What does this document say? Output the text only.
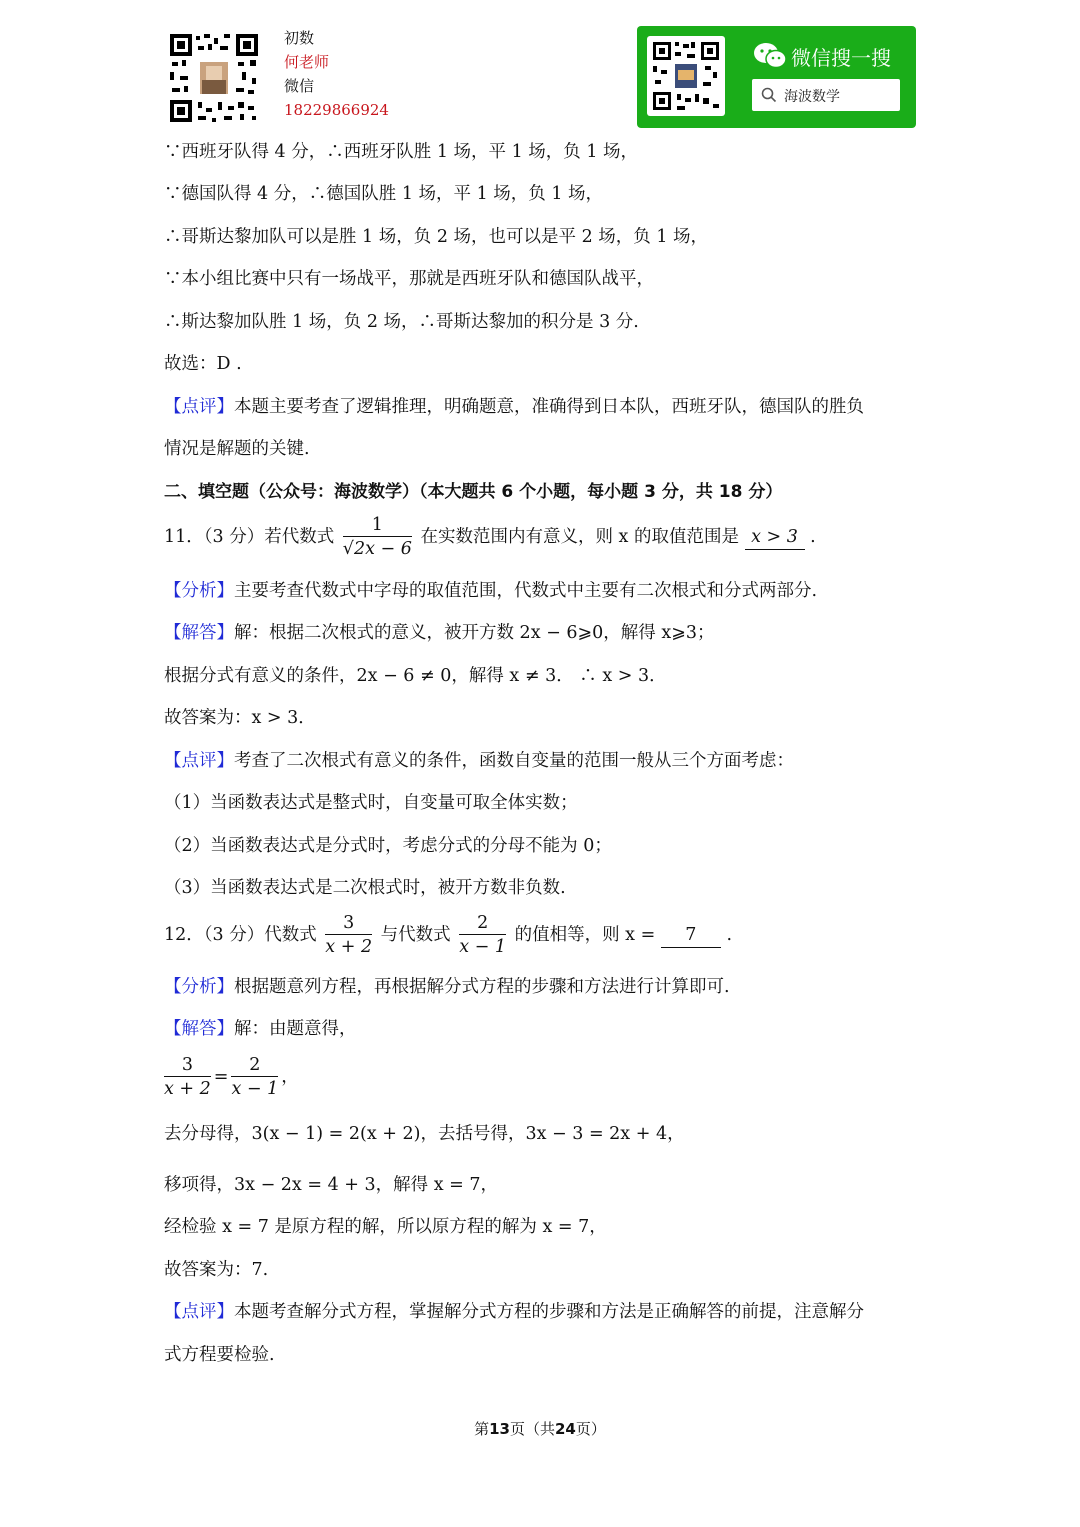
初数
何老师
微信
18229866924
微信搜一搜
海波数学
∵西班牙队得 4 分，∴西班牙队胜 1 场，平 1 场，负 1 场，
∵德国队得 4 分，∴德国队胜 1 场，平 1 场，负 1 场，
∴哥斯达黎加队可以是胜 1 场，负 2 场，也可以是平 2 场，负 1 场，
∵本小组比赛中只有一场战平，那就是西班牙队和德国队战平，
∴斯达黎加队胜 1 场，负 2 场，∴哥斯达黎加的积分是 3 分.
故选：D .
【点评】本题主要考查了逻辑推理，明确题意，准确得到日本队，西班牙队，德国队的胜负
情况是解题的关键.
二、填空题（公众号：海波数学）（本大题共 6 个小题，每小题 3 分，共 18 分）
11．（3 分）若代数式 $\frac{1}{√2x - 6}$ 在实数范围内有意义，则 x 的取值范围是 x > 3 .
【分析】主要考查代数式中字母的取值范围，代数式中主要有二次根式和分式两部分.
【解答】解：根据二次根式的意义，被开方数 2x − 6⩾0，解得 x⩾3；
根据分式有意义的条件，2x − 6 ≠ 0，解得 x ≠ 3． ∴ x > 3．
故答案为：x > 3．
【点评】考查了二次根式有意义的条件，函数自变量的范围一般从三个方面考虑：
（1）当函数表达式是整式时，自变量可取全体实数；
（2）当函数表达式是分式时，考虑分式的分母不能为 0；
（3）当函数表达式是二次根式时，被开方数非负数.
12．（3 分）代数式 $\frac{3}{x + 2}$ 与代数式 $\frac{2}{x - 1}$ 的值相等，则 x = 7 .
【分析】根据题意列方程，再根据解分式方程的步骤和方法进行计算即可.
【解答】解：由题意得，
$\frac{3}{x + 2} = \frac{2}{x - 1}$ ，
去分母得，3(x − 1) = 2(x + 2)，去括号得，3x − 3 = 2x + 4，
移项得，3x − 2x = 4 + 3，解得 x = 7，
经检验 x = 7 是原方程的解，所以原方程的解为 x = 7，
故答案为：7.
【点评】本题考查解分式方程，掌握解分式方程的步骤和方法是正确解答的前提，注意解分
式方程要检验.
第13页（共24页）
